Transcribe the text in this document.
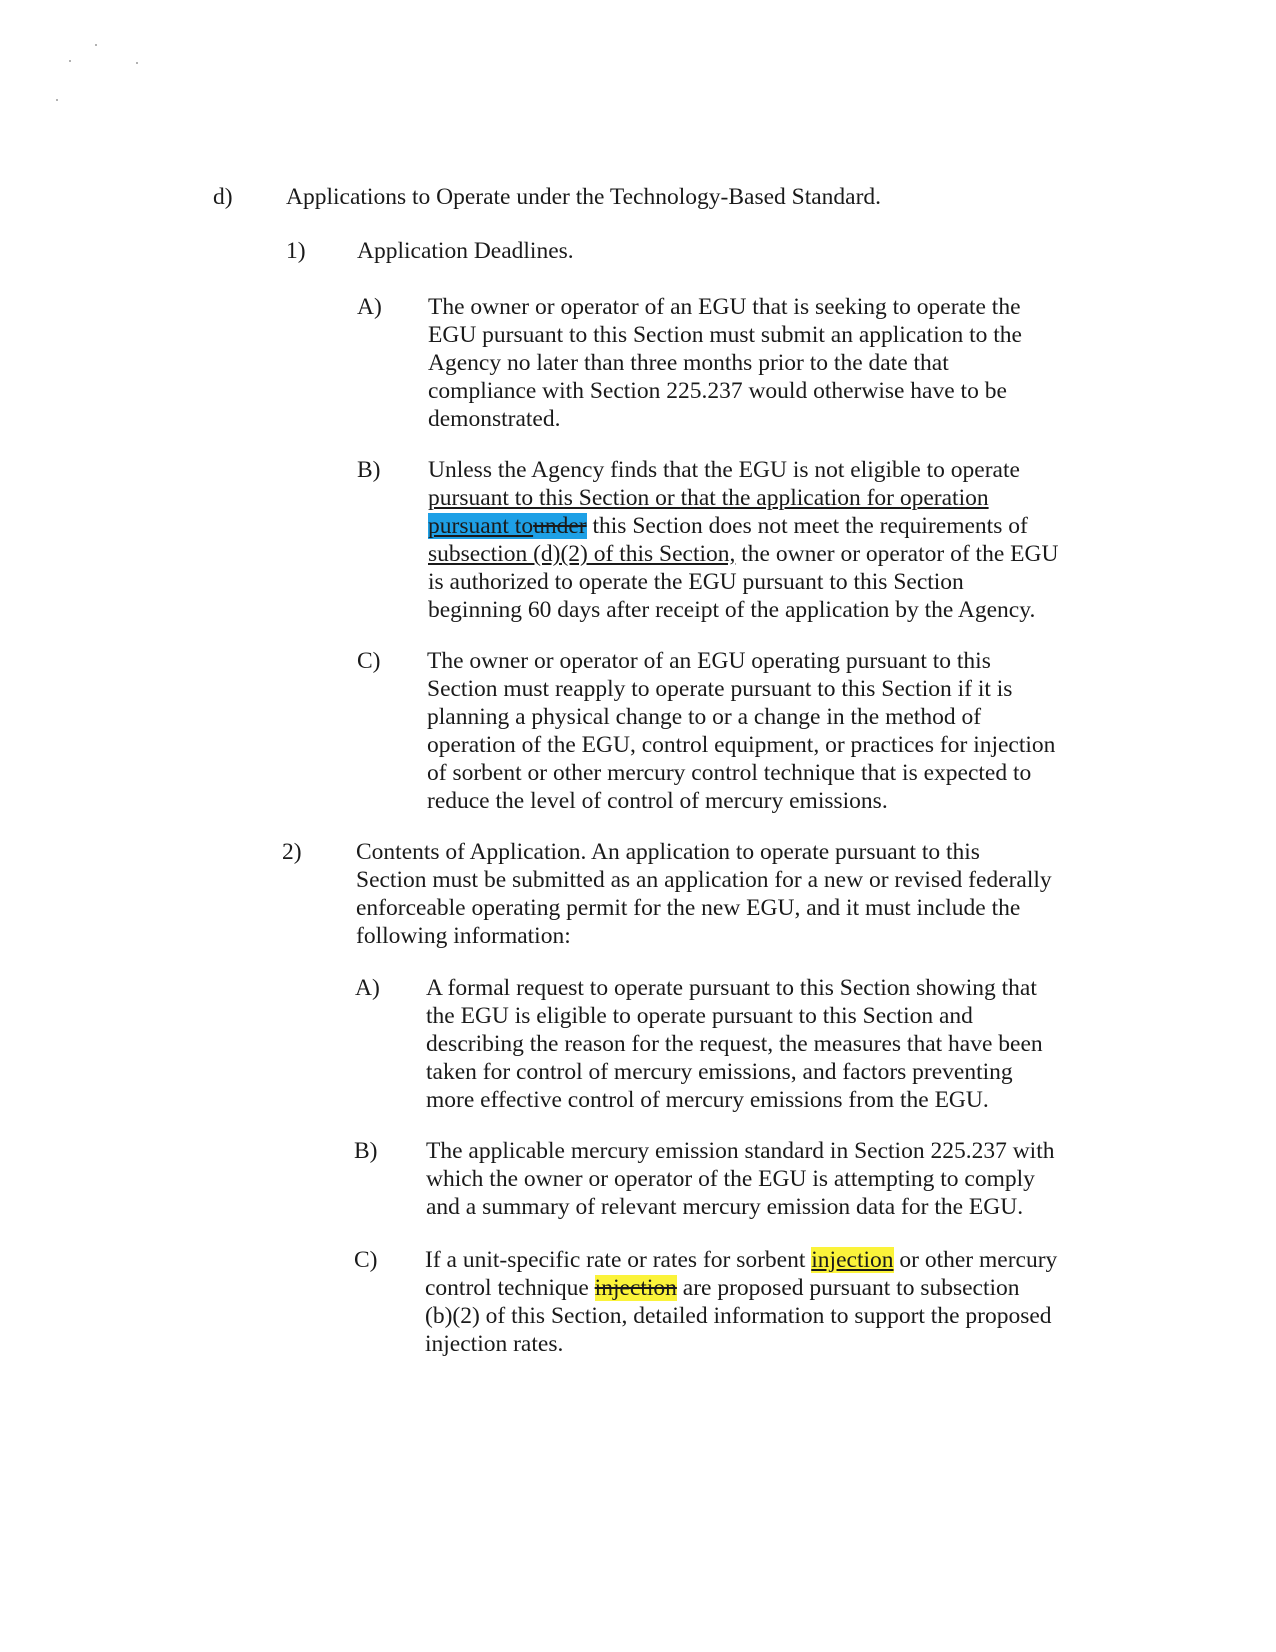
d) Applications to Operate under the Technology-Based Standard.
1) Application Deadlines.
A) The owner or operator of an EGU that is seeking to operate the
EGU pursuant to this Section must submit an application to the
Agency no later than three months prior to the date that
compliance with Section 225.237 would otherwise have to be
demonstrated.
B) Unless the Agency finds that the EGU is not eligible to operate
pursuant to this Section or that the application for operation
pursuant tounder this Section does not meet the requirements of
subsection (d)(2) of this Section, the owner or operator of the EGU
is authorized to operate the EGU pursuant to this Section
beginning 60 days after receipt of the application by the Agency.
C) The owner or operator of an EGU operating pursuant to this
Section must reapply to operate pursuant to this Section if it is
planning a physical change to or a change in the method of
operation of the EGU, control equipment, or practices for injection
of sorbent or other mercury control technique that is expected to
reduce the level of control of mercury emissions.
2) Contents of Application. An application to operate pursuant to this
Section must be submitted as an application for a new or revised federally
enforceable operating permit for the new EGU, and it must include the
following information:
A) A formal request to operate pursuant to this Section showing that
the EGU is eligible to operate pursuant to this Section and
describing the reason for the request, the measures that have been
taken for control of mercury emissions, and factors preventing
more effective control of mercury emissions from the EGU.
B) The applicable mercury emission standard in Section 225.237 with
which the owner or operator of the EGU is attempting to comply
and a summary of relevant mercury emission data for the EGU.
C) If a unit-specific rate or rates for sorbent injection or other mercury
control technique injection are proposed pursuant to subsection
(b)(2) of this Section, detailed information to support the proposed
injection rates.
